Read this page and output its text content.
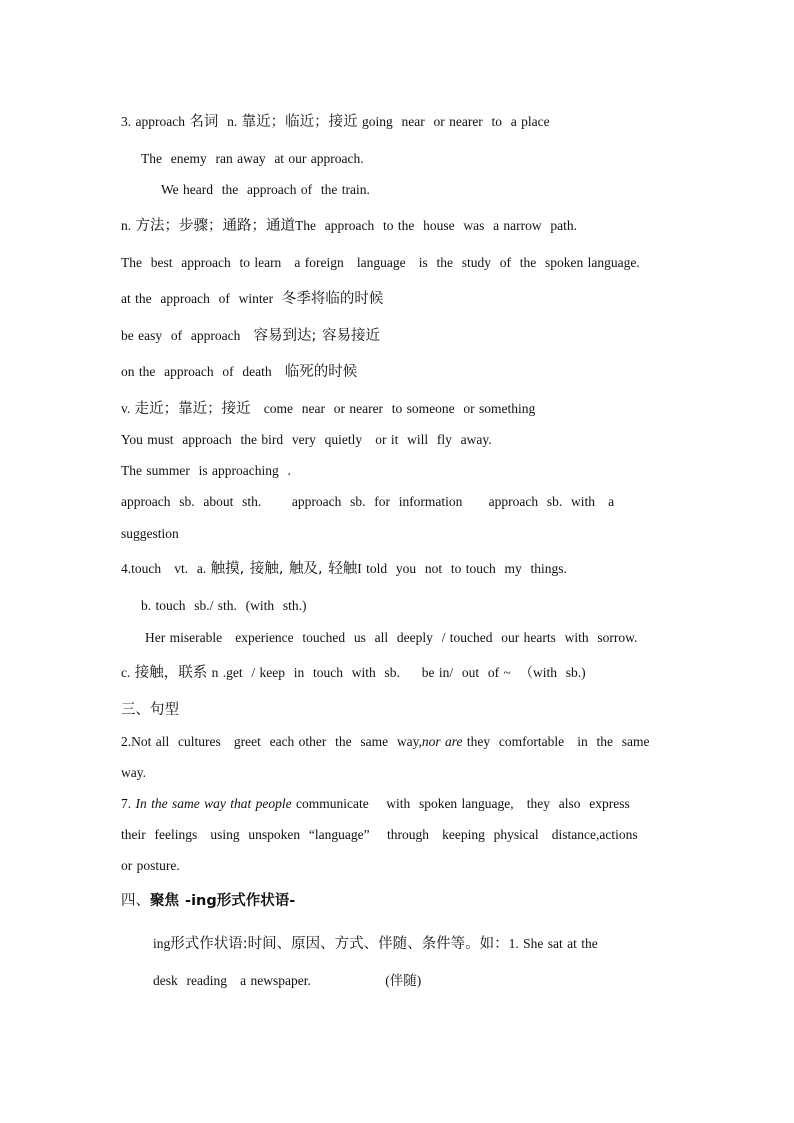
3. approach 名词  n. 靠近；临近；接近 going  near  or nearer  to  a place
The  enemy  ran away  at our approach.
We heard  the  approach of  the train.
n. 方法；步骤；通路；通道The  approach  to the  house  was  a narrow  path.
The  best  approach  to learn   a foreign   language   is  the  study  of  the  spoken language.
at the  approach  of  winter  冬季将临的时候
be easy  of  approach   容易到达; 容易接近
on the  approach  of  death   临死的时候
v. 走近；靠近；接近   come  near  or nearer  to someone  or something
You must  approach  the bird  very  quietly   or it  will  fly  away.
The summer  is approaching  .
approach  sb.  about  sth.       approach  sb.  for  information      approach  sb.  with   a
suggestion
4.touch   vt.  a. 触摸, 接触, 触及, 轻触I told  you  not  to touch  my  things.
b. touch  sb./ sth.  (with  sth.)
Her miserable   experience  touched  us  all  deeply  / touched  our hearts  with  sorrow.
c. 接触，联系 n .get  / keep  in  touch  with  sb.     be in/  out  of ~  （with  sb.)
三、句型
2.Not all  cultures   greet  each other  the  same  way,nor are they  comfortable   in  the  same
way.
7. In the same way that people communicate    with  spoken language,   they  also  express
their  feelings   using  unspoken  “language”    through   keeping  physical   distance,actions
or posture.
四、聚焦 -ing形式作状语-
ing形式作状语:时间、原因、方式、伴随、条件等。如：1. She sat at the
desk  reading   a newspaper.                 (伴随)
